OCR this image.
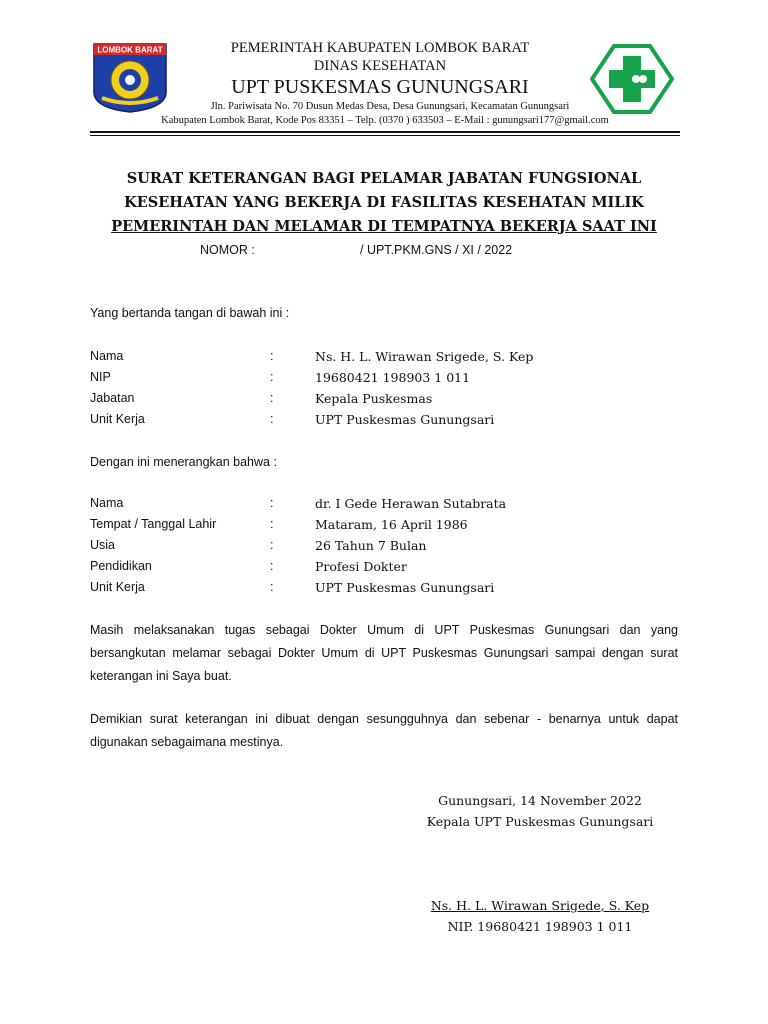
LOMBOK BARAT	PEMERINTAH KABUPATEN LOMBOK BARAT
DINAS KESEHATAN
UPT PUSKESMAS GUNUNGSARI
Jln. Pariwisata No. 70 Dusun Medas Desa, Desa Gunungsari, Kecamatan Gunungsari
Kabupaten Lombok Barat, Kode Pos 83351 – Telp. (0370 ) 633503 – E-Mail : gunungsari177@gmail.com
SURAT KETERANGAN BAGI PELAMAR JABATAN FUNGSIONAL
KESEHATAN YANG BEKERJA DI FASILITAS KESEHATAN MILIK
PEMERINTAH DAN MELAMAR DI TEMPATNYA BEKERJA SAAT INI
NOMOR :	/ UPT.PKM.GNS / XI / 2022
Yang bertanda tangan di bawah ini :
Nama	:	Ns. H. L. Wirawan Srigede, S. Kep
NIP	:	19680421 198903 1 011
Jabatan	:	Kepala Puskesmas
Unit Kerja	:	UPT Puskesmas Gunungsari
Dengan ini menerangkan bahwa :
Nama	:	dr. I Gede Herawan Sutabrata
Tempat / Tanggal Lahir	:	Mataram, 16 April 1986
Usia	:	26 Tahun 7 Bulan
Pendidikan	:	Profesi Dokter
Unit Kerja	:	UPT Puskesmas Gunungsari
Masih melaksanakan tugas sebagai Dokter Umum di UPT Puskesmas Gunungsari dan yang bersangkutan melamar sebagai Dokter Umum di UPT Puskesmas Gunungsari sampai dengan surat keterangan ini Saya buat.
Demikian surat keterangan ini dibuat dengan sesungguhnya dan sebenar - benarnya untuk dapat digunakan sebagaimana mestinya.
Gunungsari, 14 November 2022
Kepala UPT Puskesmas Gunungsari
Ns. H. L. Wirawan Srigede, S. Kep
NIP. 19680421 198903 1 011
